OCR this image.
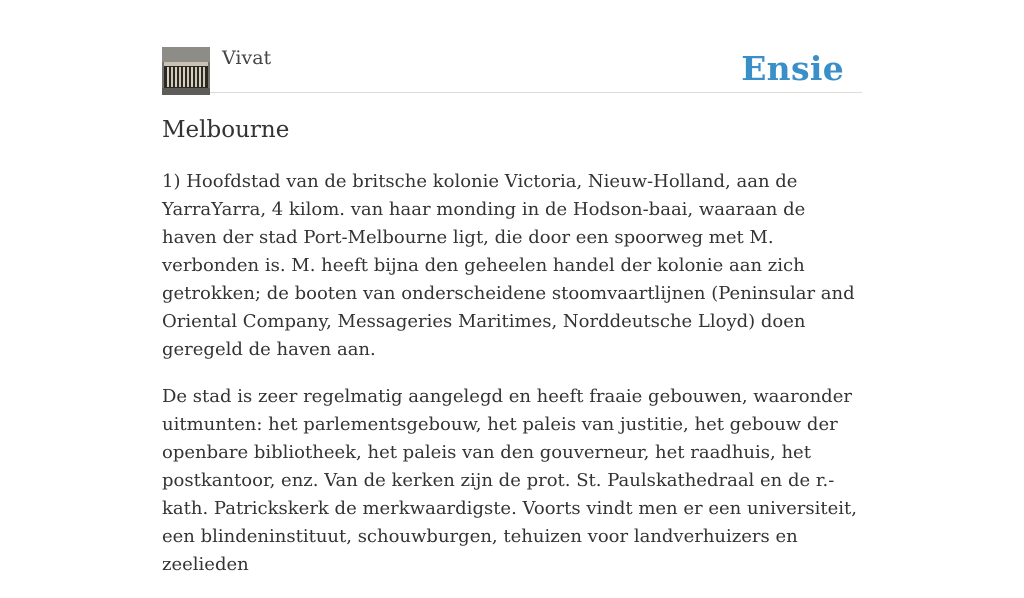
Vivat	Ensie
Melbourne

1) Hoofdstad van de britsche kolonie Victoria, Nieuw-Holland, aan de YarraYarra, 4 kilom. van haar monding in de Hodson-baai, waaraan de haven der stad Port-Melbourne ligt, die door een spoorweg met M. verbonden is. M. heeft bijna den geheelen handel der kolonie aan zich getrokken; de booten van onderscheidene stoomvaartlijnen (Peninsular and Oriental Company, Messageries Maritimes, Norddeutsche Lloyd) doen geregeld de haven aan.

De stad is zeer regelmatig aangelegd en heeft fraaie gebouwen, waaronder uitmunten: het parlementsgebouw, het paleis van justitie, het gebouw der openbare bibliotheek, het paleis van den gouverneur, het raadhuis, het postkantoor, enz. Van de kerken zijn de prot. St. Paulskathedraal en de r.-kath. Patrickskerk de merkwaardigste. Voorts vindt men er een universiteit, een blindeninstituut, schouwburgen, tehuizen voor landverhuizers en zeelieden
